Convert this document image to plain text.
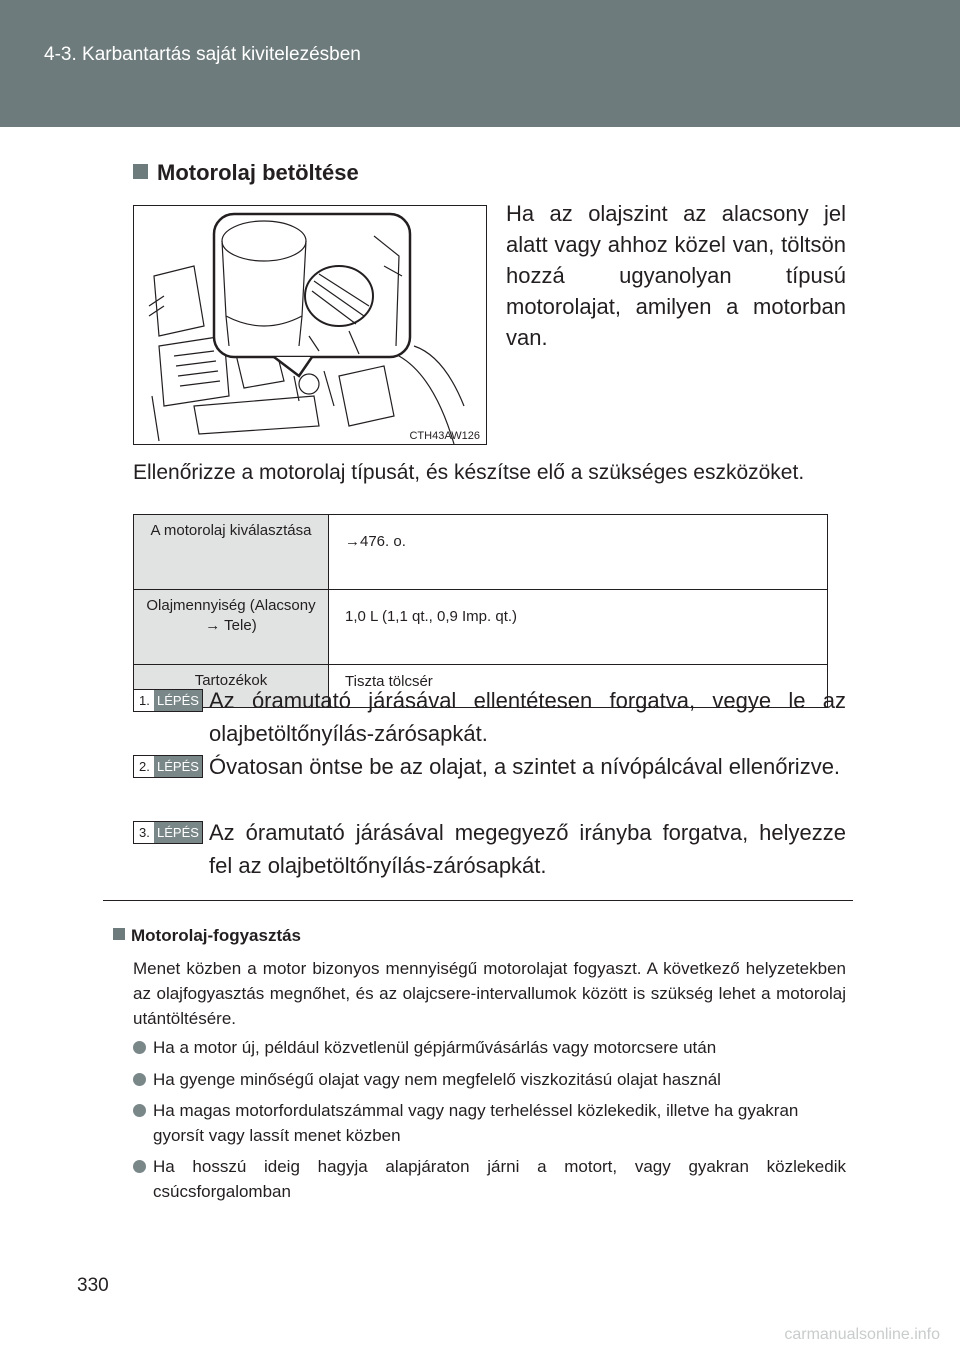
4-3. Karbantartás saját kivitelezésben
Motorolaj betöltése
CTH43AW126
Ha az olajszint az alacsony jel alatt vagy ahhoz közel van, töltsön hozzá ugyanolyan típusú motorolajat, amilyen a motorban van.
Ellenőrizze a motorolaj típusát, és készítse elő a szükséges eszközöket.
A motorolaj kiválasztása	→476. o.
Olajmennyiség (Alacsony → Tele)	1,0 L (1,1 qt., 0,9 Imp. qt.)
Tartozékok	Tiszta tölcsér
1. LÉPÉS Az óramutató járásával ellentétesen forgatva, vegye le az olajbetöltőnyílás-zárósapkát.
2. LÉPÉS Óvatosan öntse be az olajat, a szintet a nívópálcával ellenőrizve.
3. LÉPÉS Az óramutató járásával megegyező irányba forgatva, helyezze fel az olajbetöltőnyílás-zárósapkát.
Motorolaj-fogyasztás
Menet közben a motor bizonyos mennyiségű motorolajat fogyaszt. A következő helyzetekben az olajfogyasztás megnőhet, és az olajcsere-intervallumok között is szükség lehet a motorolaj utántöltésére.
Ha a motor új, például közvetlenül gépjárművásárlás vagy motorcsere után
Ha gyenge minőségű olajat vagy nem megfelelő viszkozitású olajat használ
Ha magas motorfordulatszámmal vagy nagy terheléssel közlekedik, illetve ha gyakran gyorsít vagy lassít menet közben
Ha hosszú ideig hagyja alapjáraton járni a motort, vagy gyakran közlekedik csúcsforgalomban
330
carmanualsonline.info
